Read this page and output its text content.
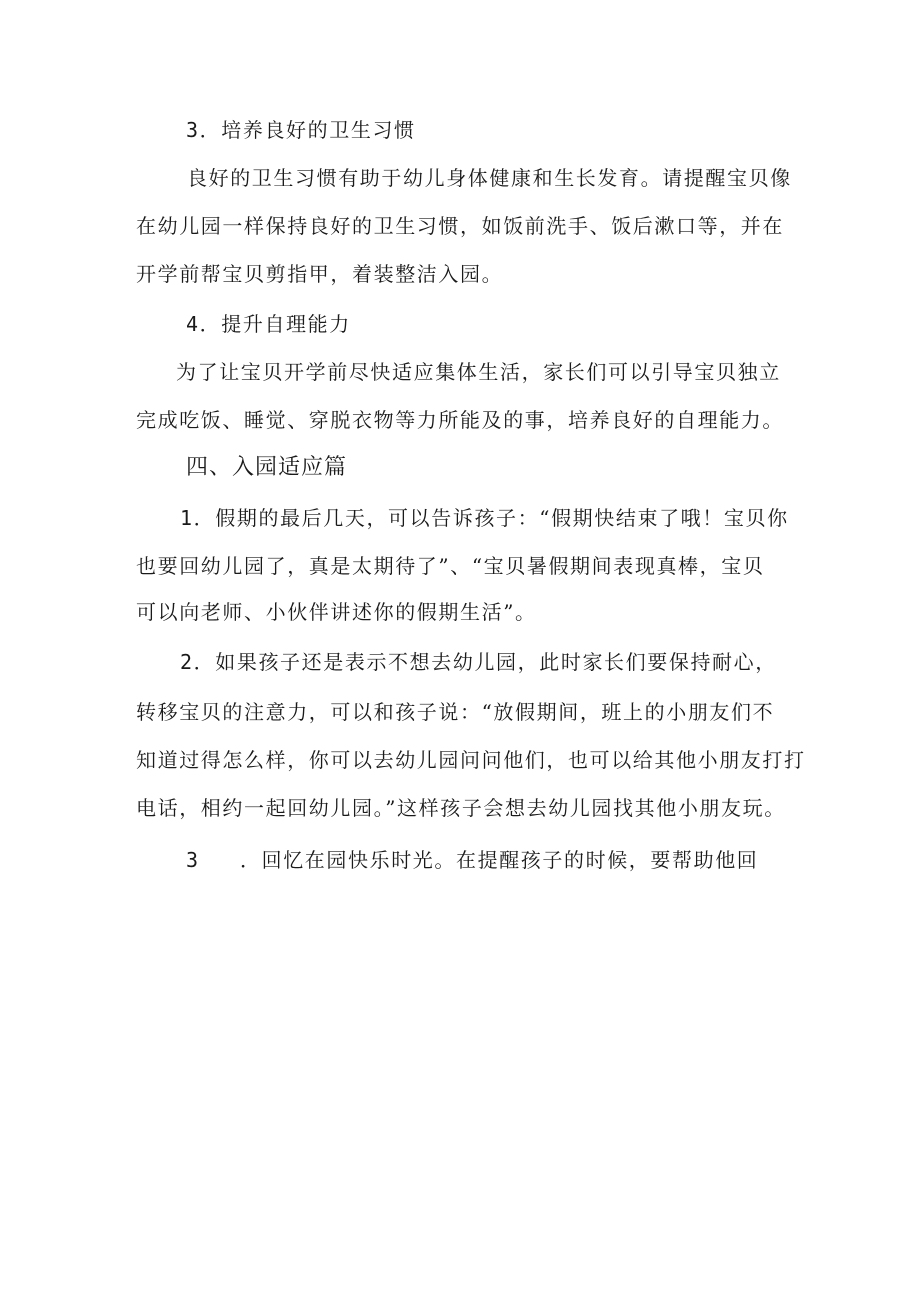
3．培养良好的卫生习惯
良好的卫生习惯有助于幼儿身体健康和生长发育。请提醒宝贝像
在幼儿园一样保持良好的卫生习惯，如饭前洗手、饭后漱口等，并在
开学前帮宝贝剪指甲，着装整洁入园。
4．提升自理能力
为了让宝贝开学前尽快适应集体生活，家长们可以引导宝贝独立
完成吃饭、睡觉、穿脱衣物等力所能及的事，培养良好的自理能力。
四、入园适应篇
1．假期的最后几天，可以告诉孩子：“假期快结束了哦！宝贝你
也要回幼儿园了，真是太期待了”、“宝贝暑假期间表现真棒，宝贝
可以向老师、小伙伴讲述你的假期生活”。
2．如果孩子还是表示不想去幼儿园，此时家长们要保持耐心，
转移宝贝的注意力，可以和孩子说：“放假期间，班上的小朋友们不
知道过得怎么样，你可以去幼儿园问问他们，也可以给其他小朋友打打
电话，相约一起回幼儿园。”这样孩子会想去幼儿园找其他小朋友玩。
3 ．回忆在园快乐时光。在提醒孩子的时候，要帮助他回
